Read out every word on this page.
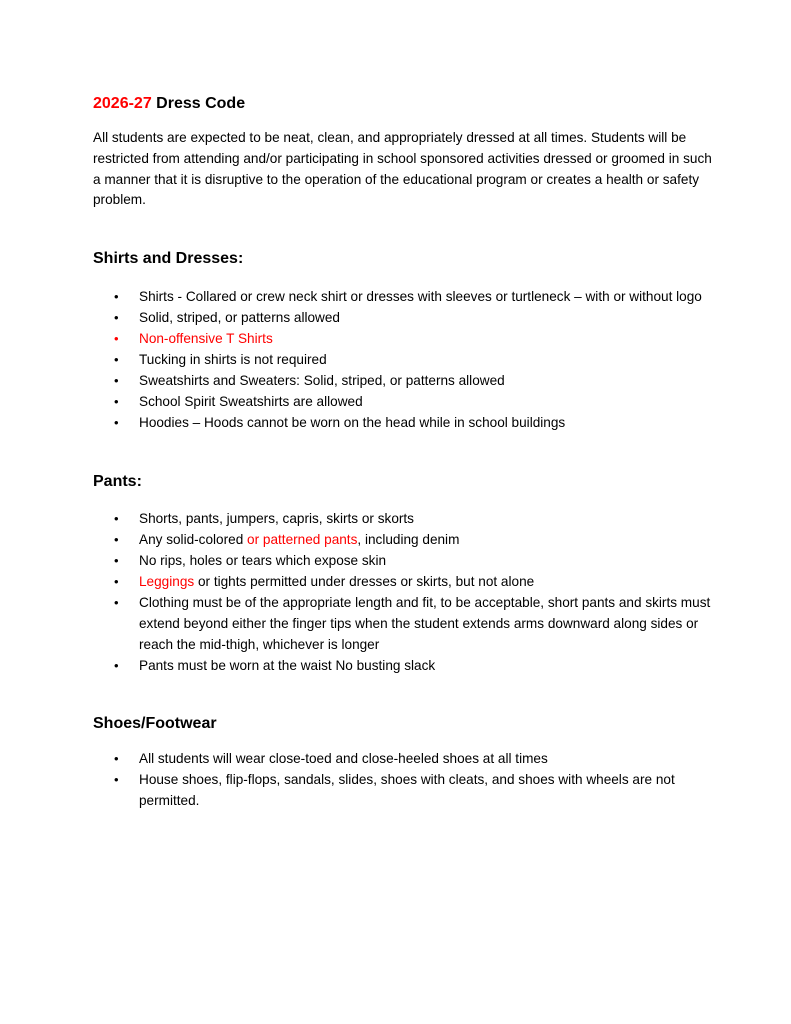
2026-27 Dress Code

All students are expected to be neat, clean, and appropriately dressed at all times. Students will be restricted from attending and/or participating in school sponsored activities dressed or groomed in such a manner that it is disruptive to the operation of the educational program or creates a health or safety problem.

Shirts and Dresses:
• Shirts - Collared or crew neck shirt or dresses with sleeves or turtleneck – with or without logo
• Solid, striped, or patterns allowed
• Non-offensive T Shirts
• Tucking in shirts is not required
• Sweatshirts and Sweaters: Solid, striped, or patterns allowed
• School Spirit Sweatshirts are allowed
• Hoodies – Hoods cannot be worn on the head while in school buildings
Pants:
• Shorts, pants, jumpers, capris, skirts or skorts
• Any solid-colored or patterned pants, including denim
• No rips, holes or tears which expose skin
• Leggings or tights permitted under dresses or skirts, but not alone
• Clothing must be of the appropriate length and fit, to be acceptable, short pants and skirts must extend beyond either the finger tips when the student extends arms downward along sides or reach the mid-thigh, whichever is longer
• Pants must be worn at the waist No busting slack
Shoes/Footwear
• All students will wear close-toed and close-heeled shoes at all times
• House shoes, flip-flops, sandals, slides, shoes with cleats, and shoes with wheels are not permitted.
